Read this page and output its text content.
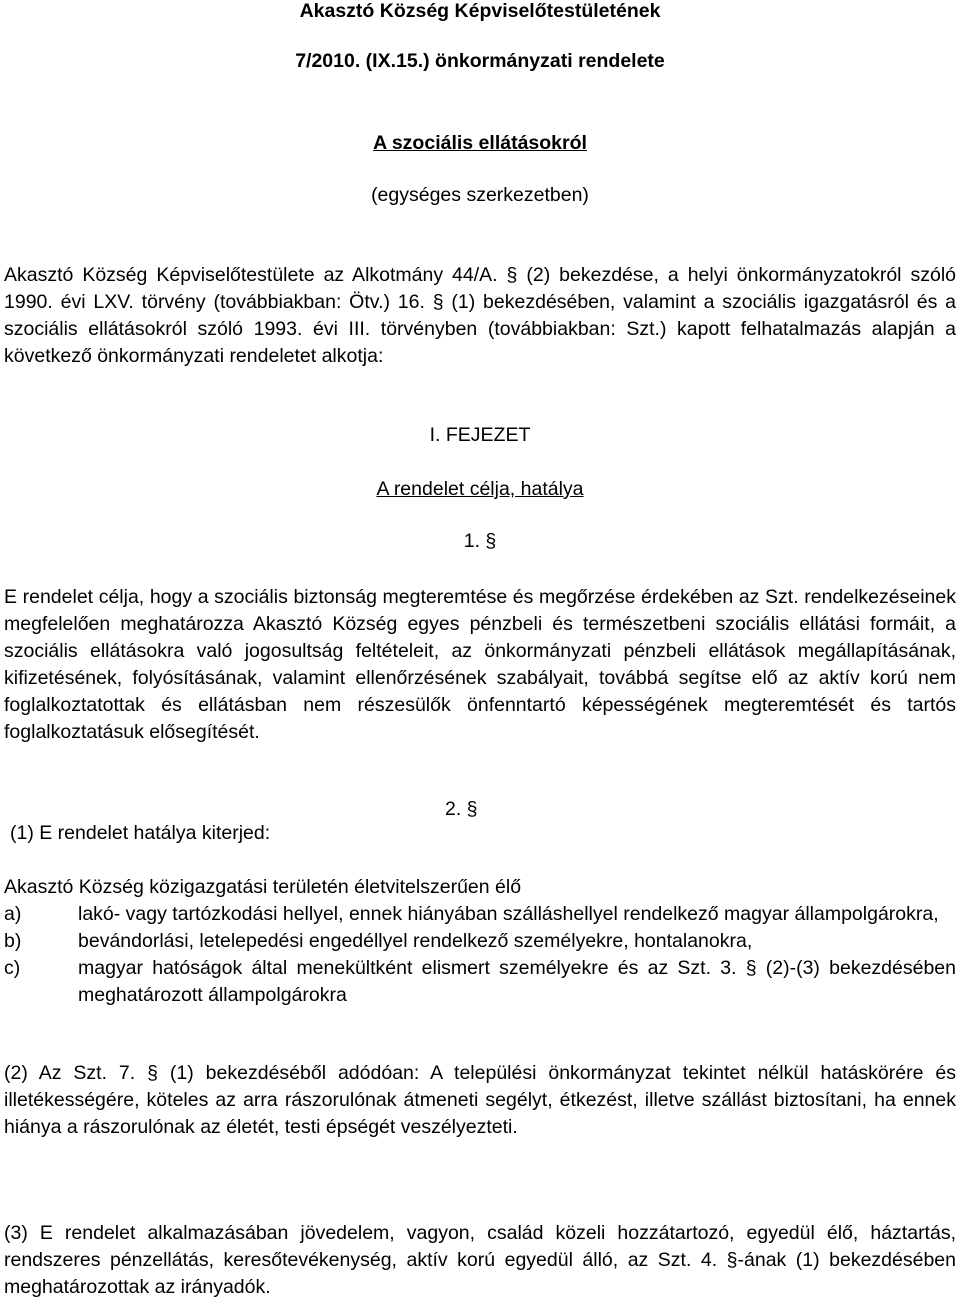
Akasztó Község Képviselőtestületének

7/2010. (IX.15.) önkormányzati rendelete

A szociális ellátásokról

(egységes szerkezetben)

Akasztó Község Képviselőtestülete az Alkotmány 44/A. § (2) bekezdése, a helyi önkormányzatokról szóló 1990. évi LXV. törvény (továbbiakban: Ötv.) 16. § (1) bekezdésében, valamint a szociális igazgatásról és a szociális ellátásokról szóló 1993. évi III. törvényben (továbbiakban: Szt.) kapott felhatalmazás alapján a következő önkormányzati rendeletet alkotja:

I. FEJEZET

A rendelet célja, hatálya

1. §

E rendelet célja, hogy a szociális biztonság megteremtése és megőrzése érdekében az Szt. rendelkezéseinek megfelelően meghatározza Akasztó Község egyes pénzbeli és természetbeni szociális ellátási formáit, a szociális ellátásokra való jogosultság feltételeit, az önkormányzati pénzbeli ellátások megállapításának, kifizetésének, folyósításának, valamint ellenőrzésének szabályait, továbbá segítse elő az aktív korú nem foglalkoztatottak és ellátásban nem részesülők önfenntartó képességének megteremtését és tartós foglalkoztatásuk elősegítését.

2. §

(1) E rendelet hatálya kiterjed:

Akasztó Község közigazgatási területén életvitelszerűen élő

a)	lakó- vagy tartózkodási hellyel, ennek hiányában szálláshellyel rendelkező magyar állampolgárokra,
b)	bevándorlási, letelepedési engedéllyel rendelkező személyekre, hontalanokra,
c)	magyar hatóságok által menekültként elismert személyekre és az Szt. 3. § (2)-(3) bekezdésében meghatározott állampolgárokra

(2) Az Szt. 7. § (1) bekezdéséből adódóan: A települési önkormányzat tekintet nélkül hatáskörére és illetékességére, köteles az arra rászorulónak átmeneti segélyt, étkezést, illetve szállást biztosítani, ha ennek hiánya a rászorulónak az életét, testi épségét veszélyezteti.

(3) E rendelet alkalmazásában jövedelem, vagyon, család közeli hozzátartozó, egyedül élő, háztartás, rendszeres pénzellátás, keresőtevékenység, aktív korú egyedül álló, az Szt. 4. §-ának (1) bekezdésében meghatározottak az irányadók.
